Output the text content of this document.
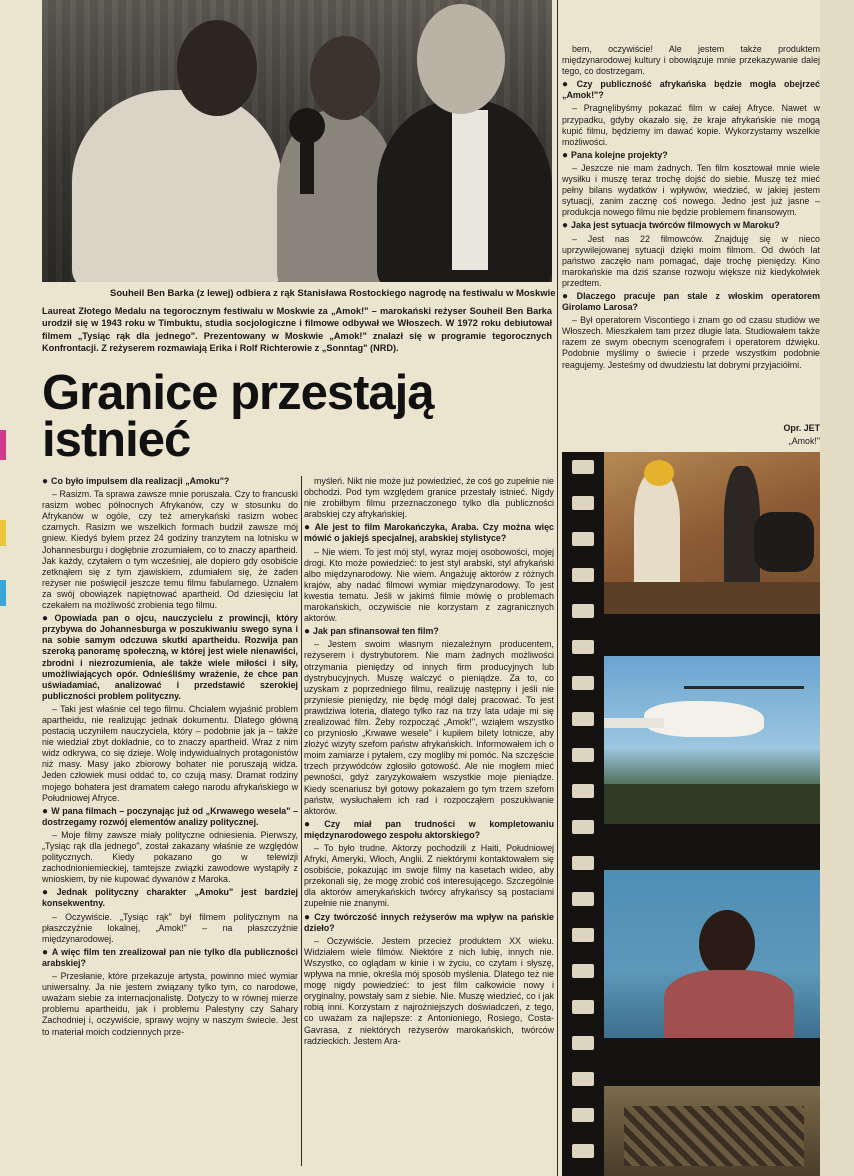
Souheil Ben Barka (z lewej) odbiera z rąk Stanisława Rostockiego nagrodę na festiwalu w Moskwie
Laureat Złotego Medalu na tegorocznym festiwalu w Moskwie za „Amok!" – marokański reżyser Souheil Ben Barka urodził się w 1943 roku w Timbuktu, studia socjologiczne i filmowe odbywał we Włoszech. W 1972 roku debiutował filmem „Tysiąc rąk dla jednego". Prezentowany w Moskwie „Amok!" znalazł się w programie tegorocznych Konfrontacji. Z reżyserem rozmawiają Erika i Rolf Richterowie z „Sonntag" (NRD).
Granice przestają istnieć

● Co było impulsem dla realizacji „Amoku"?

– Rasizm. Ta sprawa zawsze mnie poruszała. Czy to francuski rasizm wobec północnych Afrykanów, czy w stosunku do Afrykanów w ogóle, czy też amerykański rasizm wobec czarnych. Rasizm we wszelkich formach budził zawsze mój gniew. Kiedyś byłem przez 24 godziny tranzytem na lotnisku w Johannesburgu i dogłębnie zrozumiałem, co to znaczy apartheid. Jak każdy, czytałem o tym wcześniej, ale dopiero gdy osobiście zetknąłem się z tym zjawiskiem, zdumiałem się, że żaden reżyser nie poświęcił jeszcze temu filmu fabularnego. Uznałem za swój obowiązek napiętnować apartheid. Od dziesięciu lat czekałem na możliwość zrobienia tego filmu.

● Opowiada pan o ojcu, nauczycielu z prowincji, który przybywa do Johannesburga w poszukiwaniu swego syna i na sobie samym odczuwa skutki apartheidu. Rozwija pan szeroką panoramę społeczną, w której jest wiele nienawiści, zbrodni i niezrozumienia, ale także wiele miłości i siły, umożliwiających opór. Odnieśliśmy wrażenie, że chce pan uświadamiać, analizować i przedstawić szerokiej publiczności problem polityczny.

– Taki jest właśnie cel tego filmu. Chciałem wyjaśnić problem apartheidu, nie realizując jednak dokumentu. Dlatego główną postacią uczyniłem nauczyciela, który – podobnie jak ja – także nie wiedział zbyt dokładnie, co to znaczy apartheid. Wraz z nim widz odkrywa, co się dzieje. Wolę indywidualnych protagonistów niż masy. Masy jako zbiorowy bohater nie poruszają widza. Jeden człowiek musi oddać to, co czują masy. Dramat rodziny mojego bohatera jest dramatem całego narodu afrykańskiego w Południowej Afryce.

● W pana filmach – poczynając już od „Krwawego wesela" – dostrzegamy rozwój elementów analizy politycznej.

– Moje filmy zawsze miały polityczne odniesienia. Pierwszy, „Tysiąc rąk dla jednego", został zakazany właśnie ze względów politycznych. Kiedy pokazano go w telewizji zachodnioniemieckiej, tamtejsze związki zawodowe wystąpiły z wnioskiem, by nie kupować dywanów z Maroka.

● Jednak polityczny charakter „Amoku" jest bardziej konsekwentny.

– Oczywiście. „Tysiąc rąk" był filmem politycznym na płaszczyźnie lokalnej, „Amok!" – na płaszczyźnie międzynarodowej.

● A więc film ten zrealizował pan nie tylko dla publiczności arabskiej?

– Przesłanie, które przekazuje artysta, powinno mieć wymiar uniwersalny. Ja nie jestem związany tylko tym, co narodowe, uważam siebie za internacjonalistę. Dotyczy to w równej mierze problemu apartheidu, jak i problemu Palestyny czy Sahary Zachodniej i, oczywiście, sprawy wojny w naszym świecie. Jest to materiał moich codziennych prze-

myśleń. Nikt nie może już powiedzieć, że coś go zupełnie nie obchodzi. Pod tym względem granice przestały istnieć. Nigdy nie zrobiłbym filmu przeznaczonego tylko dla publiczności arabskiej czy afrykańskiej.

● Ale jest to film Marokańczyka, Araba. Czy można więc mówić o jakiejś specjalnej, arabskiej stylistyce?

– Nie wiem. To jest mój styl, wyraz mojej osobowości, mojej drogi. Kto może powiedzieć: to jest styl arabski, styl afrykański albo międzynarodowy. Nie wiem. Angażuję aktorów z różnych krajów, aby nadać filmowi wymiar międzynarodowy. To jest kwestia tematu. Jeśli w jakimś filmie mówię o problemach marokańskich, oczywiście nie korzystam z zagranicznych aktorów.

● Jak pan sfinansował ten film?

– Jestem swoim własnym niezależnym producentem, reżyserem i dystrybutorem. Nie mam żadnych możliwości otrzymania pieniędzy od innych firm producyjnych lub dystrybucyjnych. Muszę walczyć o pieniądze. Za to, co uzyskam z poprzedniego filmu, realizuję następny i jeśli nie przyniesie pieniędzy, nie będę mógł dalej pracować. To jest prawdziwa loteria, dlatego tylko raz na trzy lata udaje mi się zrealizować film. Żeby rozpocząć „Amok!", wziąłem wszystko co przyniosło „Krwawe wesele" i kupiłem bilety lotnicze, aby złożyć wizyty szefom państw afrykańskich. Informowałem ich o moim zamiarze i pytałem, czy mogliby mi pomóc. Na szczęście trzech przywódców zgłosiło gotowość. Ale nie mogłem mieć pewności, gdyż zaryzykowałem wszystkie moje pieniądze. Kiedy scenariusz był gotowy pokazałem go tym trzem szefom państw, wysłuchałem ich rad i rozpocząłem poszukiwanie aktorów.

● Czy miał pan trudności w kompletowaniu międzynarodowego zespołu aktorskiego?

– To było trudne. Aktorzy pochodzili z Haiti, Południowej Afryki, Ameryki, Włoch, Anglii. Z niektórymi kontaktowałem się osobiście, pokazując im swoje filmy na kasetach wideo, aby przekonali się, że mogę zrobić coś interesującego. Szczególnie dla aktorów amerykańskich twórcy afrykańscy są postaciami zupełnie nie znanymi.

● Czy twórczość innych reżyserów ma wpływ na pańskie dzieło?

– Oczywiście. Jestem przecież produktem XX wieku. Widziałem wiele filmów. Niektóre z nich lubię, innych nie. Wszystko, co oglądam w kinie i w życiu, co czytam i słyszę, wpływa na mnie, określa mój sposób myślenia. Dlatego też nie mogę nigdy powiedzieć: to jest film całkowicie nowy i oryginalny, powstały sam z siebie. Nie. Muszę wiedzieć, co i jak robią inni. Korzystam z najrożniejszych doświadczeń, z tego, co uważam za najlepsze: z Antonioniego, Rosiego, Costa-Gavrasa, z niektórych reżyserów marokańskich, twórców radzieckich. Jestem Ara-

bem, oczywiście! Ale jestem także produktem międzynarodowej kultury i obowiązuje mnie przekazywanie dalej tego, co dostrzegam.

● Czy publiczność afrykańska będzie mogła obejrzeć „Amok!"?

– Pragnęlibyśmy pokazać film w całej Afryce. Nawet w przypadku, gdyby okazało się, że kraje afrykańskie nie mogą kupić filmu, będziemy im dawać kopie. Wykorzystamy wszelkie możliwości.

● Pana kolejne projekty?

– Jeszcze nie mam żadnych. Ten film kosztował mnie wiele wysiłku i muszę teraz trochę dojść do siebie. Muszę też mieć pełny bilans wydatków i wpływów, wiedzieć, w jakiej jestem sytuacji, zanim zacznę coś nowego. Jedno jest już jasne – produkcja nowego filmu nie będzie problemem finansowym.

● Jaka jest sytuacja twórców filmowych w Maroku?

– Jest nas 22 filmowców. Znajduję się w nieco uprzywilejowanej sytuacji dzięki moim filmom. Od dwóch lat państwo zaczęło nam pomagać, daje trochę pieniędzy. Kino marokańskie ma dziś szanse rozwoju większe niż kiedykolwiek przedtem.

● Dlaczego pracuje pan stale z włoskim operatorem Girolamo Larosa?

– Był operatorem Viscontiego i znam go od czasu studiów we Włoszech. Mieszkałem tam przez długie lata. Studiowałem także razem ze swym obecnym scenografem i operatorem dźwięku. Podobnie myślimy o świecie i przede wszystkim podobnie reagujemy. Jesteśmy od dwudziestu lat dobrymi przyjaciółmi.

Opr. JET

„Amok!"
